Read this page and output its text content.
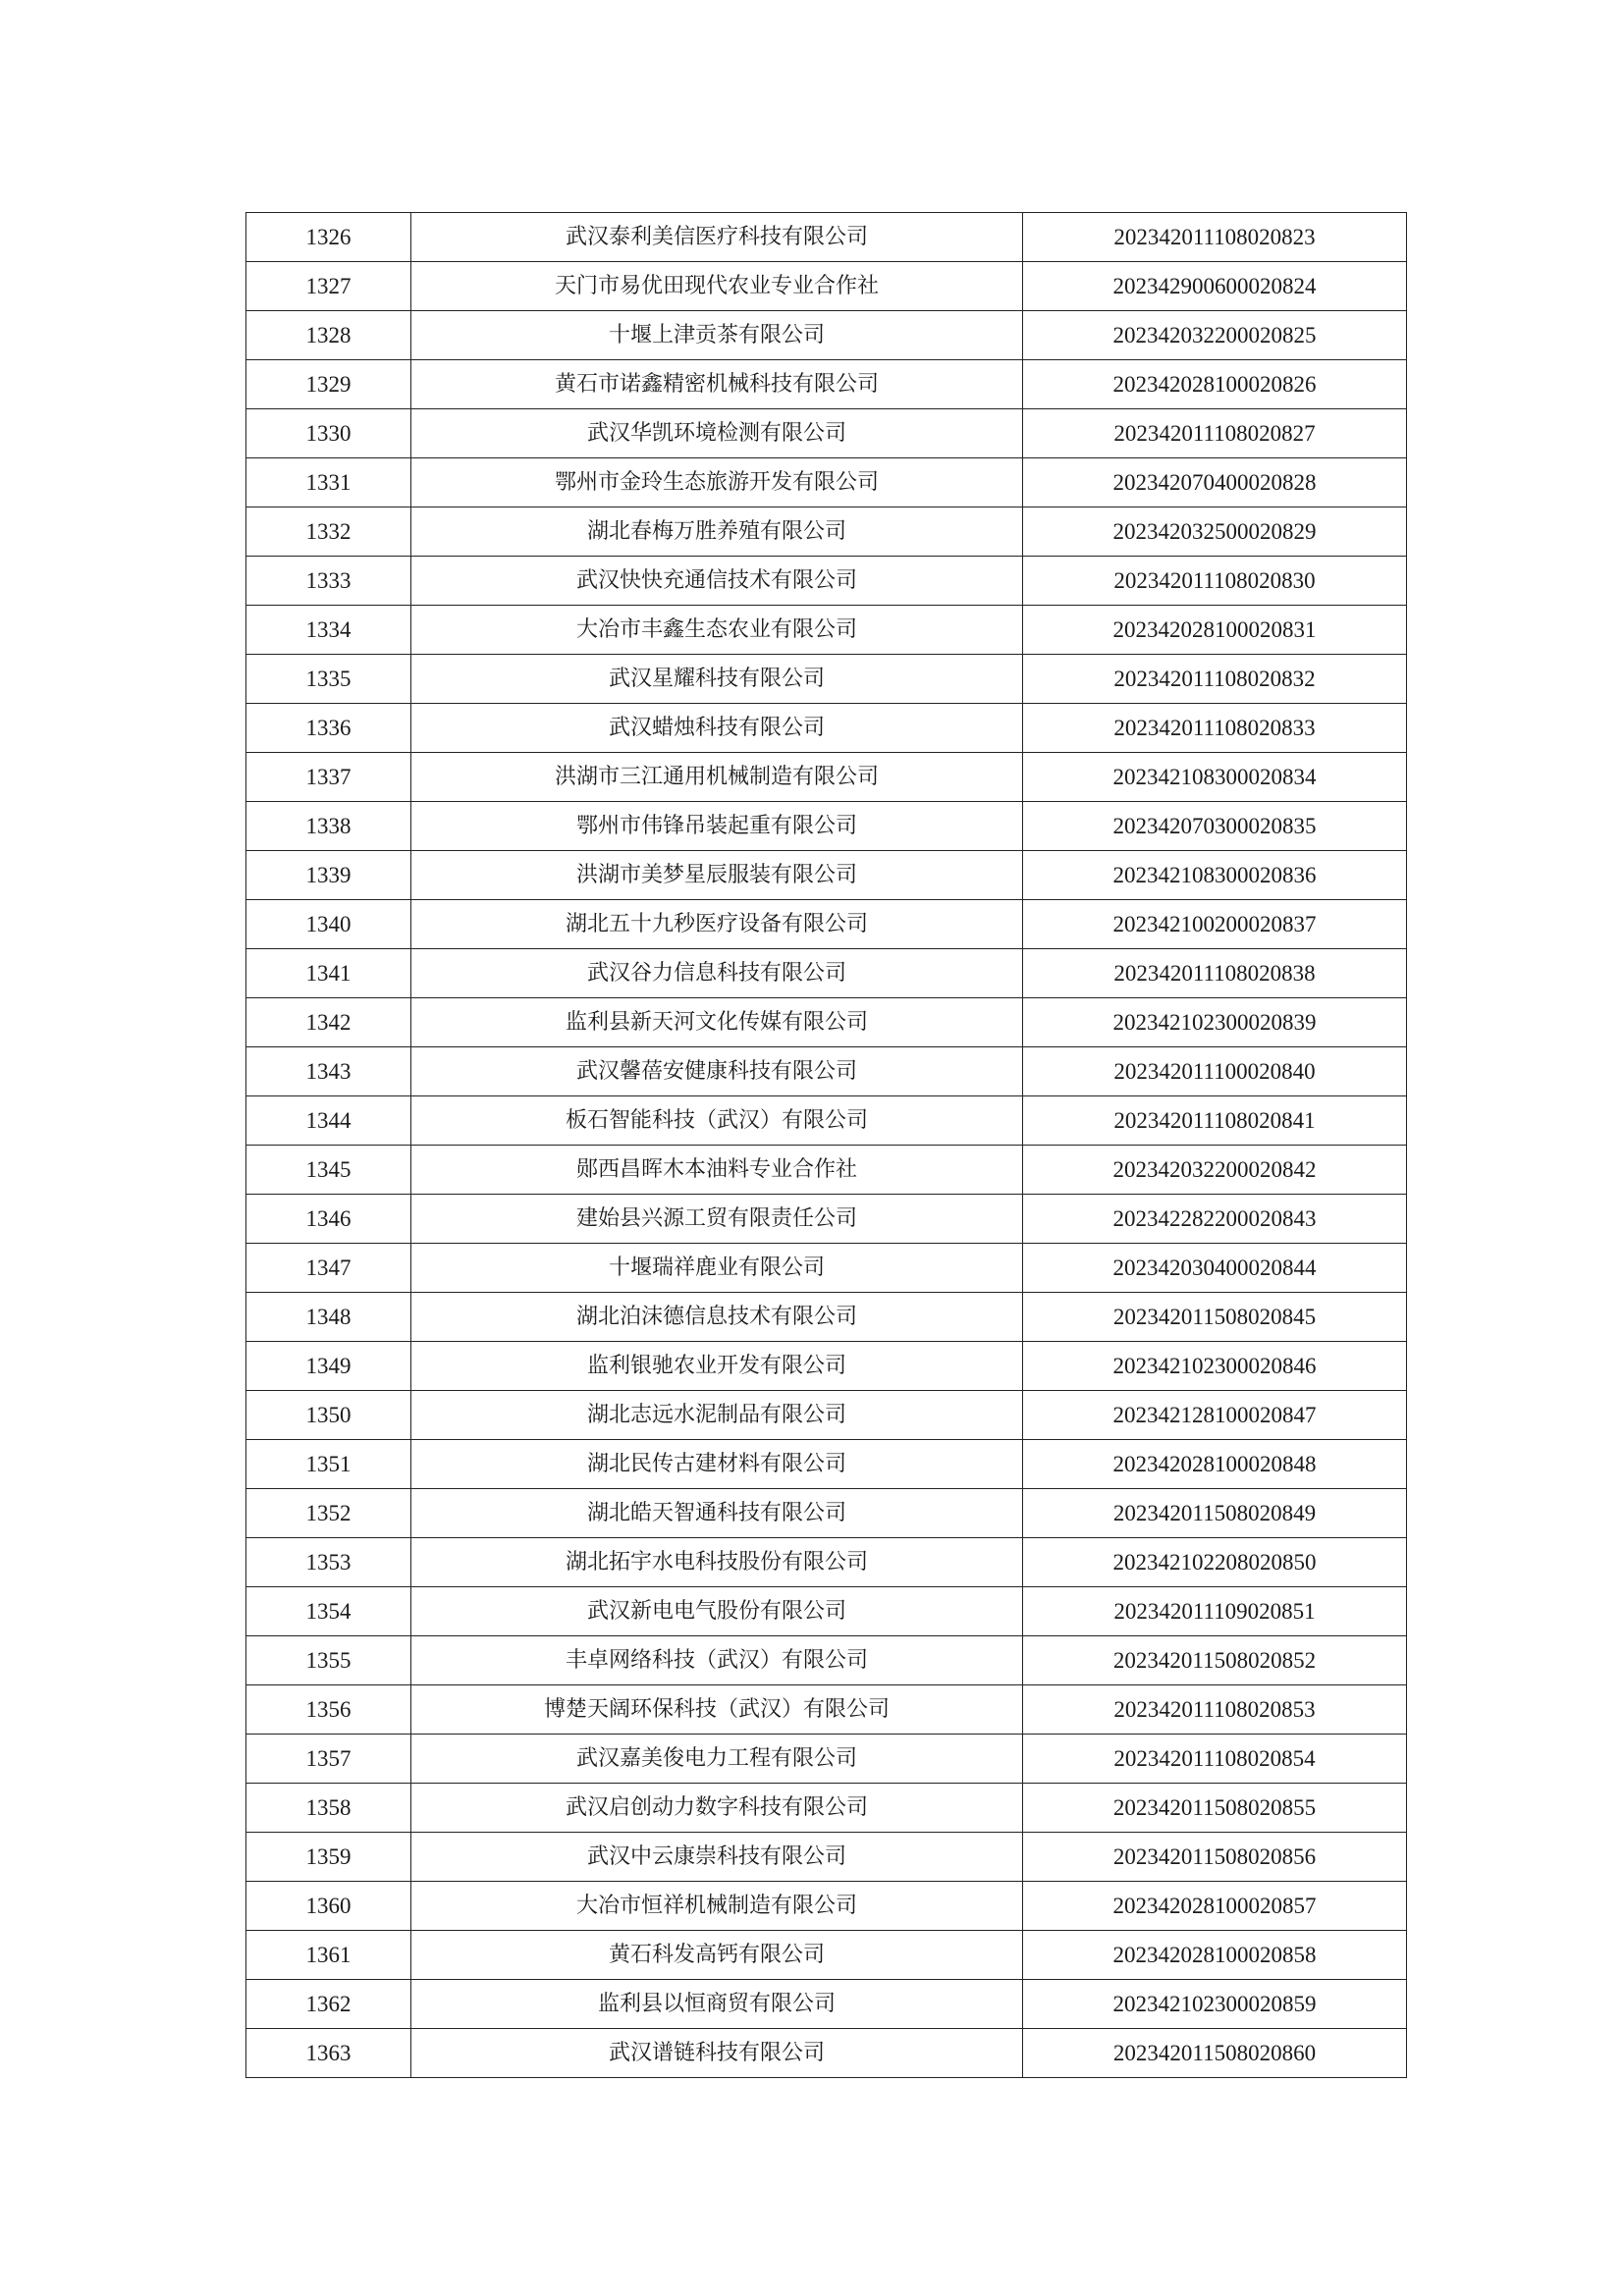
1326	武汉泰利美信医疗科技有限公司	202342011108020823
1327	天门市易优田现代农业专业合作社	202342900600020824
1328	十堰上津贡茶有限公司	202342032200020825
1329	黄石市诺鑫精密机械科技有限公司	202342028100020826
1330	武汉华凯环境检测有限公司	202342011108020827
1331	鄂州市金玲生态旅游开发有限公司	202342070400020828
1332	湖北春梅万胜养殖有限公司	202342032500020829
1333	武汉快快充通信技术有限公司	202342011108020830
1334	大冶市丰鑫生态农业有限公司	202342028100020831
1335	武汉星耀科技有限公司	202342011108020832
1336	武汉蜡烛科技有限公司	202342011108020833
1337	洪湖市三江通用机械制造有限公司	202342108300020834
1338	鄂州市伟锋吊装起重有限公司	202342070300020835
1339	洪湖市美梦星辰服装有限公司	202342108300020836
1340	湖北五十九秒医疗设备有限公司	202342100200020837
1341	武汉谷力信息科技有限公司	202342011108020838
1342	监利县新天河文化传媒有限公司	202342102300020839
1343	武汉馨蓓安健康科技有限公司	202342011100020840
1344	板石智能科技（武汉）有限公司	202342011108020841
1345	郧西昌晖木本油料专业合作社	202342032200020842
1346	建始县兴源工贸有限责任公司	202342282200020843
1347	十堰瑞祥鹿业有限公司	202342030400020844
1348	湖北泊沫德信息技术有限公司	202342011508020845
1349	监利银驰农业开发有限公司	202342102300020846
1350	湖北志远水泥制品有限公司	202342128100020847
1351	湖北民传古建材料有限公司	202342028100020848
1352	湖北皓天智通科技有限公司	202342011508020849
1353	湖北拓宇水电科技股份有限公司	202342102208020850
1354	武汉新电电气股份有限公司	202342011109020851
1355	丰卓网络科技（武汉）有限公司	202342011508020852
1356	博楚天阔环保科技（武汉）有限公司	202342011108020853
1357	武汉嘉美俊电力工程有限公司	202342011108020854
1358	武汉启创动力数字科技有限公司	202342011508020855
1359	武汉中云康崇科技有限公司	202342011508020856
1360	大冶市恒祥机械制造有限公司	202342028100020857
1361	黄石科发高钙有限公司	202342028100020858
1362	监利县以恒商贸有限公司	202342102300020859
1363	武汉谱链科技有限公司	202342011508020860
